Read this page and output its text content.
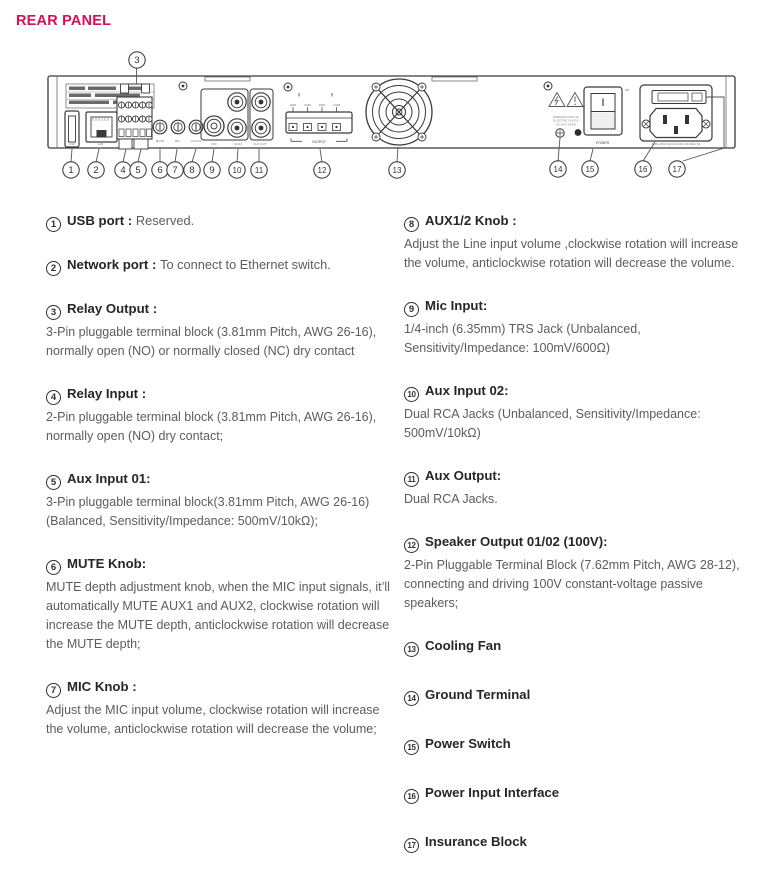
REAR PANEL
1 2
3
4 5 6 7 8 9 10 11	12	13	14	15	16	17
USB	LAN
MUTE	MIC	AUX1/2
MIC	AUX2	AUX OUT
100V	COM	100V	COM
OUTPUT	POWER
ON
WARNING:RISK OF
ELECTRIC SHOCK
DO NOT OPEN
FUAL:250V 3A/AC:220V~50-60Hz 5A
1 USB port : Reserved.
2 Network port : To connect to Ethernet switch.
3 Relay Output :
3-Pin pluggable terminal block (3.81mm Pitch, AWG 26-16), normally open (NO) or normally closed (NC) dry contact
4 Relay Input :
2-Pin pluggable terminal block (3.81mm Pitch, AWG 26-16), normally open (NO) dry contact;
5 Aux Input 01:
3-Pin pluggable terminal block(3.81mm Pitch, AWG 26-16) (Balanced, Sensitivity/Impedance: 500mV/10kΩ);
6 MUTE Knob:
MUTE depth adjustment knob, when the MIC input signals, it’ll automatically MUTE AUX1 and AUX2, clockwise rotation will increase the MUTE depth, anticlockwise rotation will decrease the MUTE depth;
7 MIC Knob :
Adjust the MIC input volume, clockwise rotation will increase the volume, anticlockwise rotation will decrease the volume;
8 AUX1/2 Knob :
Adjust the Line input volume ,clockwise rotation will increase the volume, anticlockwise rotation will decrease the volume.
9 Mic Input:
1/4-inch (6.35mm) TRS Jack (Unbalanced, Sensitivity/Impedance: 100mV/600Ω)
10 Aux Input 02:
Dual RCA Jacks (Unbalanced, Sensitivity/Impedance: 500mV/10kΩ)
11 Aux Output:
Dual RCA Jacks.
12 Speaker Output 01/02 (100V):
2-Pin Pluggable Terminal Block (7.62mm Pitch, AWG 28-12), connecting and driving 100V constant-voltage passive speakers;
13 Cooling Fan
14 Ground Terminal
15 Power Switch
16 Power Input Interface
17 Insurance Block
